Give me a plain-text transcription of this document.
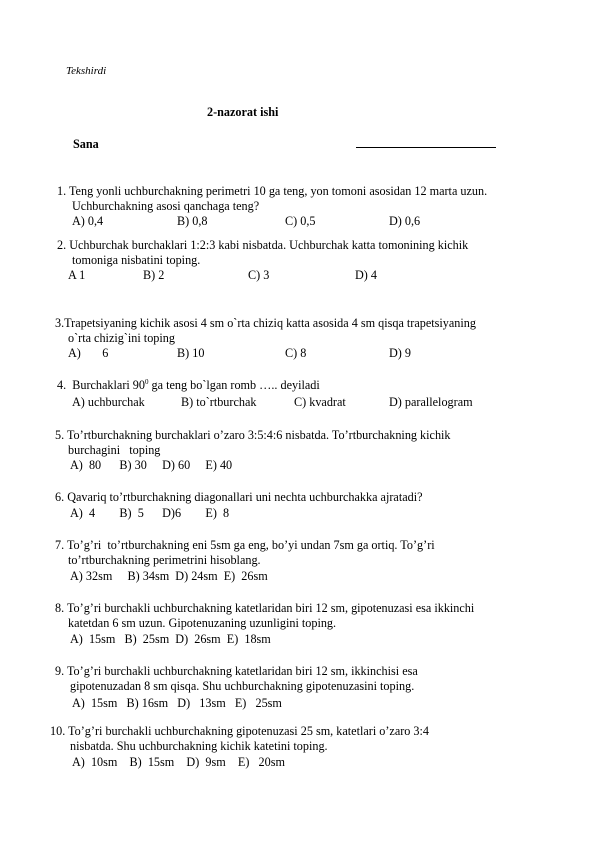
Tekshirdi
2-nazorat ishi
Sana
1. Teng yonli uchburchakning perimetri 10 ga teng, yon tomoni asosidan 12 marta uzun.
Uchburchakning asosi qanchaga teng?
A) 0,4	B) 0,8	C) 0,5	D) 0,6
2. Uchburchak burchaklari 1:2:3 kabi nisbatda. Uchburchak katta tomonining kichik
tomoniga nisbatini toping.
A 1	B) 2	C) 3	D) 4
3.Trapetsiyaning kichik asosi 4 sm o`rta chiziq katta asosida 4 sm qisqa trapetsiyaning
o`rta chizig`ini toping
A)       6	B) 10	C) 8	D) 9
4.  Burchaklari $90^0$ ga teng bo`lgan romb ….. deyiladi
A) uchburchak	B) to`rtburchak	C) kvadrat	D) parallelogram
5. To’rtburchakning burchaklari o’zaro 3:5:4:6 nisbatda. To’rtburchakning kichik
burchagini   toping
A)  80      B) 30     D) 60     E) 40
6. Qavariq to’rtburchakning diagonallari uni nechta uchburchakka ajratadi?
A)  4        B)  5      D)6        E)  8
7. To’g’ri  to’rtburchakning eni 5sm ga eng, bo’yi undan 7sm ga ortiq. To’g’ri
to’rtburchakning perimetrini hisoblang.
A) 32sm     B) 34sm  D) 24sm  E)  26sm
8. To’g’ri burchakli uchburchakning katetlaridan biri 12 sm, gipotenuzasi esa ikkinchi
katetdan 6 sm uzun. Gipotenuzaning uzunligini toping.
A)  15sm   B)  25sm  D)  26sm  E)  18sm
9. To’g’ri burchakli uchburchakning katetlaridan biri 12 sm, ikkinchisi esa
gipotenuzadan 8 sm qisqa. Shu uchburchakning gipotenuzasini toping.
A)  15sm   B) 16sm   D)   13sm   E)   25sm
10. To’g’ri burchakli uchburchakning gipotenuzasi 25 sm, katetlari o’zaro 3:4
nisbatda. Shu uchburchakning kichik katetini toping.
A)  10sm    B)  15sm    D)  9sm    E)   20sm
